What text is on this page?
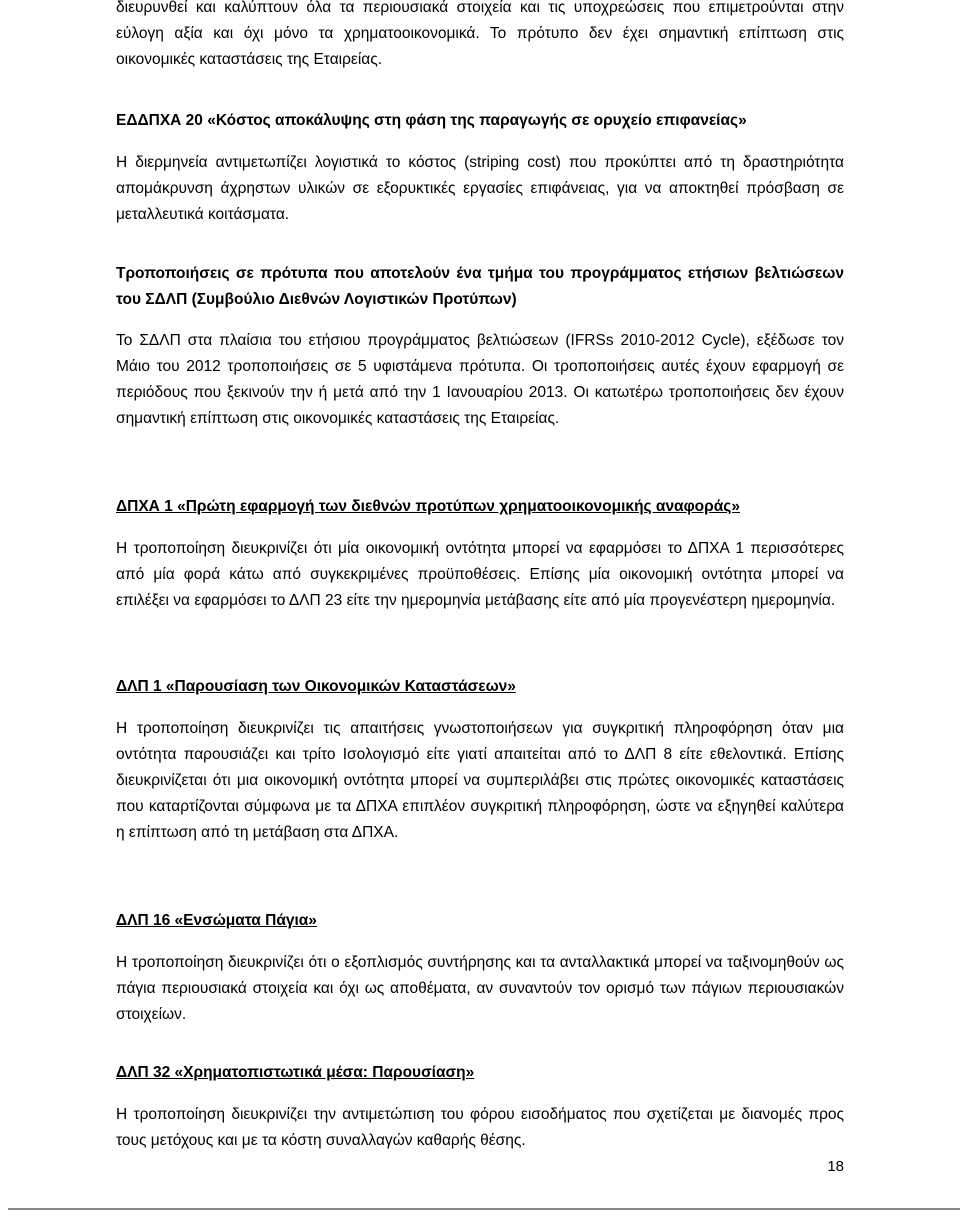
διευρυνθεί και καλύπτουν όλα τα περιουσιακά στοιχεία και τις υποχρεώσεις που επιμετρούνται στην εύλογη αξία και όχι μόνο τα χρηματοοικονομικά. Το πρότυπο δεν έχει σημαντική επίπτωση στις οικονομικές καταστάσεις της Εταιρείας.

ΕΔΔΠΧΑ 20 «Κόστος αποκάλυψης στη φάση της παραγωγής σε ορυχείο επιφανείας»

Η διερμηνεία αντιμετωπίζει λογιστικά το κόστος (striping cost) που προκύπτει από τη δραστηριότητα απομάκρυνση άχρηστων υλικών σε εξορυκτικές εργασίες επιφάνειας, για να αποκτηθεί πρόσβαση σε μεταλλευτικά κοιτάσματα.

Τροποποιήσεις σε πρότυπα που αποτελούν ένα τμήμα του προγράμματος ετήσιων βελτιώσεων του ΣΔΛΠ (Συμβούλιο Διεθνών Λογιστικών Προτύπων)

Το ΣΔΛΠ στα πλαίσια του ετήσιου προγράμματος βελτιώσεων (IFRSs 2010-2012 Cycle), εξέδωσε τον Μάιο του 2012 τροποποιήσεις σε 5 υφιστάμενα πρότυπα. Οι τροποποιήσεις αυτές έχουν εφαρμογή σε περιόδους που ξεκινούν την ή μετά από την 1 Ιανουαρίου 2013. Οι κατωτέρω τροποποιήσεις δεν έχουν σημαντική επίπτωση στις οικονομικές καταστάσεις της Εταιρείας.

ΔΠΧΑ 1 «Πρώτη εφαρμογή των διεθνών προτύπων χρηματοοικονομικής αναφοράς»

Η τροποποίηση διευκρινίζει ότι μία οικονομική οντότητα μπορεί να εφαρμόσει το ΔΠΧΑ 1 περισσότερες από μία φορά κάτω από συγκεκριμένες προϋποθέσεις. Επίσης μία οικονομική οντότητα μπορεί να επιλέξει να εφαρμόσει το ΔΛΠ 23 είτε την ημερομηνία μετάβασης είτε από μία προγενέστερη ημερομηνία.

ΔΛΠ 1 «Παρουσίαση των Οικονομικών Καταστάσεων»

Η τροποποίηση διευκρινίζει τις απαιτήσεις γνωστοποιήσεων για συγκριτική πληροφόρηση όταν μια οντότητα παρουσιάζει και τρίτο Ισολογισμό είτε γιατί απαιτείται από το ΔΛΠ 8 είτε εθελοντικά. Επίσης διευκρινίζεται ότι μια οικονομική οντότητα μπορεί να συμπεριλάβει στις πρώτες οικονομικές καταστάσεις που καταρτίζονται σύμφωνα με τα ΔΠΧΑ επιπλέον συγκριτική πληροφόρηση, ώστε να εξηγηθεί καλύτερα η επίπτωση από τη μετάβαση στα ΔΠΧΑ.

ΔΛΠ 16 «Ενσώματα Πάγια»

Η τροποποίηση διευκρινίζει ότι ο εξοπλισμός συντήρησης και τα ανταλλακτικά μπορεί να ταξινομηθούν ως πάγια περιουσιακά στοιχεία και όχι ως αποθέματα, αν συναντούν τον ορισμό των πάγιων περιουσιακών στοιχείων.

ΔΛΠ 32 «Χρηματοπιστωτικά μέσα: Παρουσίαση»

Η τροποποίηση διευκρινίζει την αντιμετώπιση του φόρου εισοδήματος που σχετίζεται με διανομές προς τους μετόχους και με τα κόστη συναλλαγών καθαρής θέσης.

18
